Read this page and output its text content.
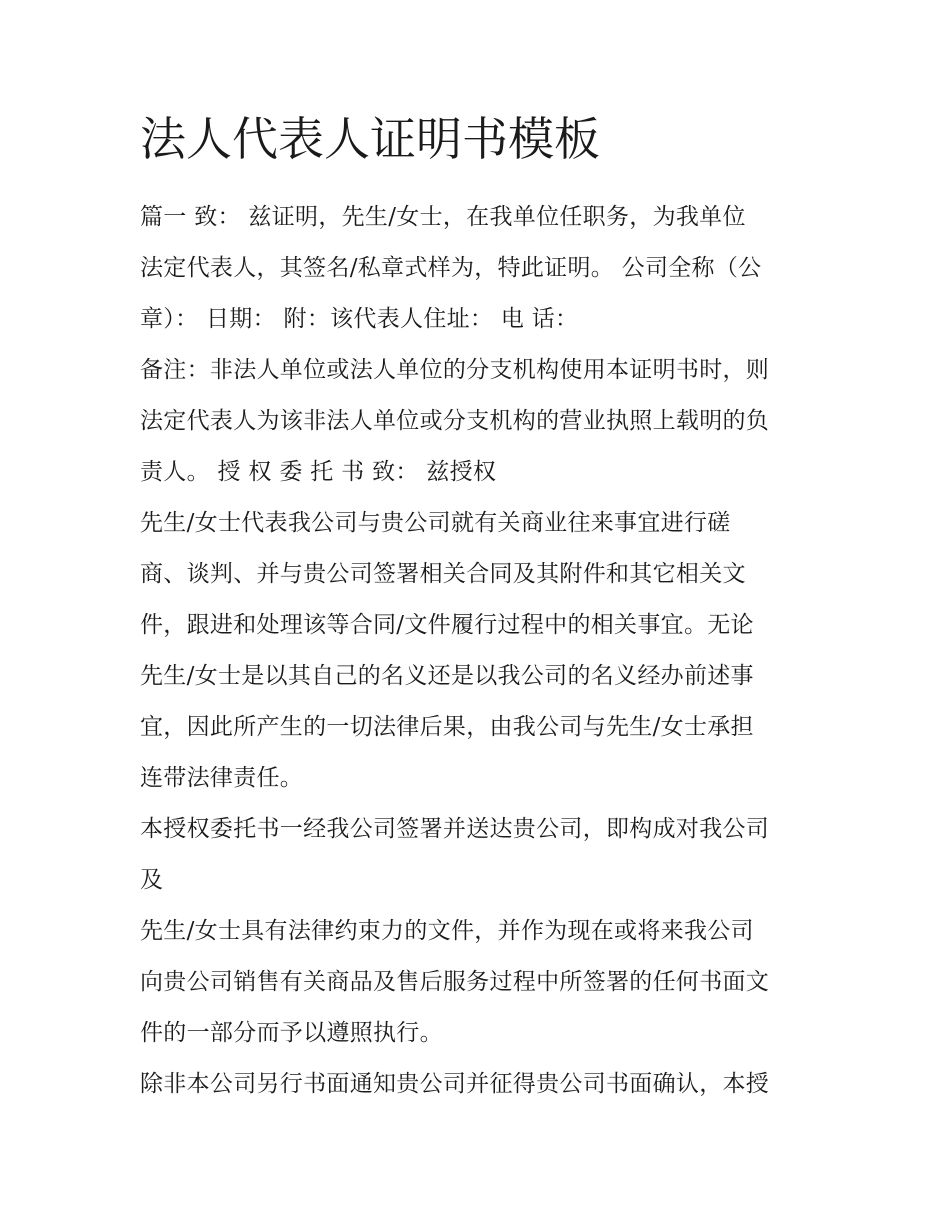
法人代表人证明书模板

篇一 致： 兹证明，先生/女士，在我单位任职务，为我单位
法定代表人，其签名/私章式样为，特此证明。 公司全称（公
章）： 日期： 附：该代表人住址： 电 话：

备注：非法人单位或法人单位的分支机构使用本证明书时，则
法定代表人为该非法人单位或分支机构的营业执照上载明的负
责人。 授 权 委 托 书 致： 兹授权

先生/女士代表我公司与贵公司就有关商业往来事宜进行磋
商、谈判、并与贵公司签署相关合同及其附件和其它相关文
件，跟进和处理该等合同/文件履行过程中的相关事宜。无论
先生/女士是以其自己的名义还是以我公司的名义经办前述事
宜，因此所产生的一切法律后果，由我公司与先生/女士承担
连带法律责任。

本授权委托书一经我公司签署并送达贵公司，即构成对我公司
及

先生/女士具有法律约束力的文件，并作为现在或将来我公司
向贵公司销售有关商品及售后服务过程中所签署的任何书面文
件的一部分而予以遵照执行。

除非本公司另行书面通知贵公司并征得贵公司书面确认，本授
